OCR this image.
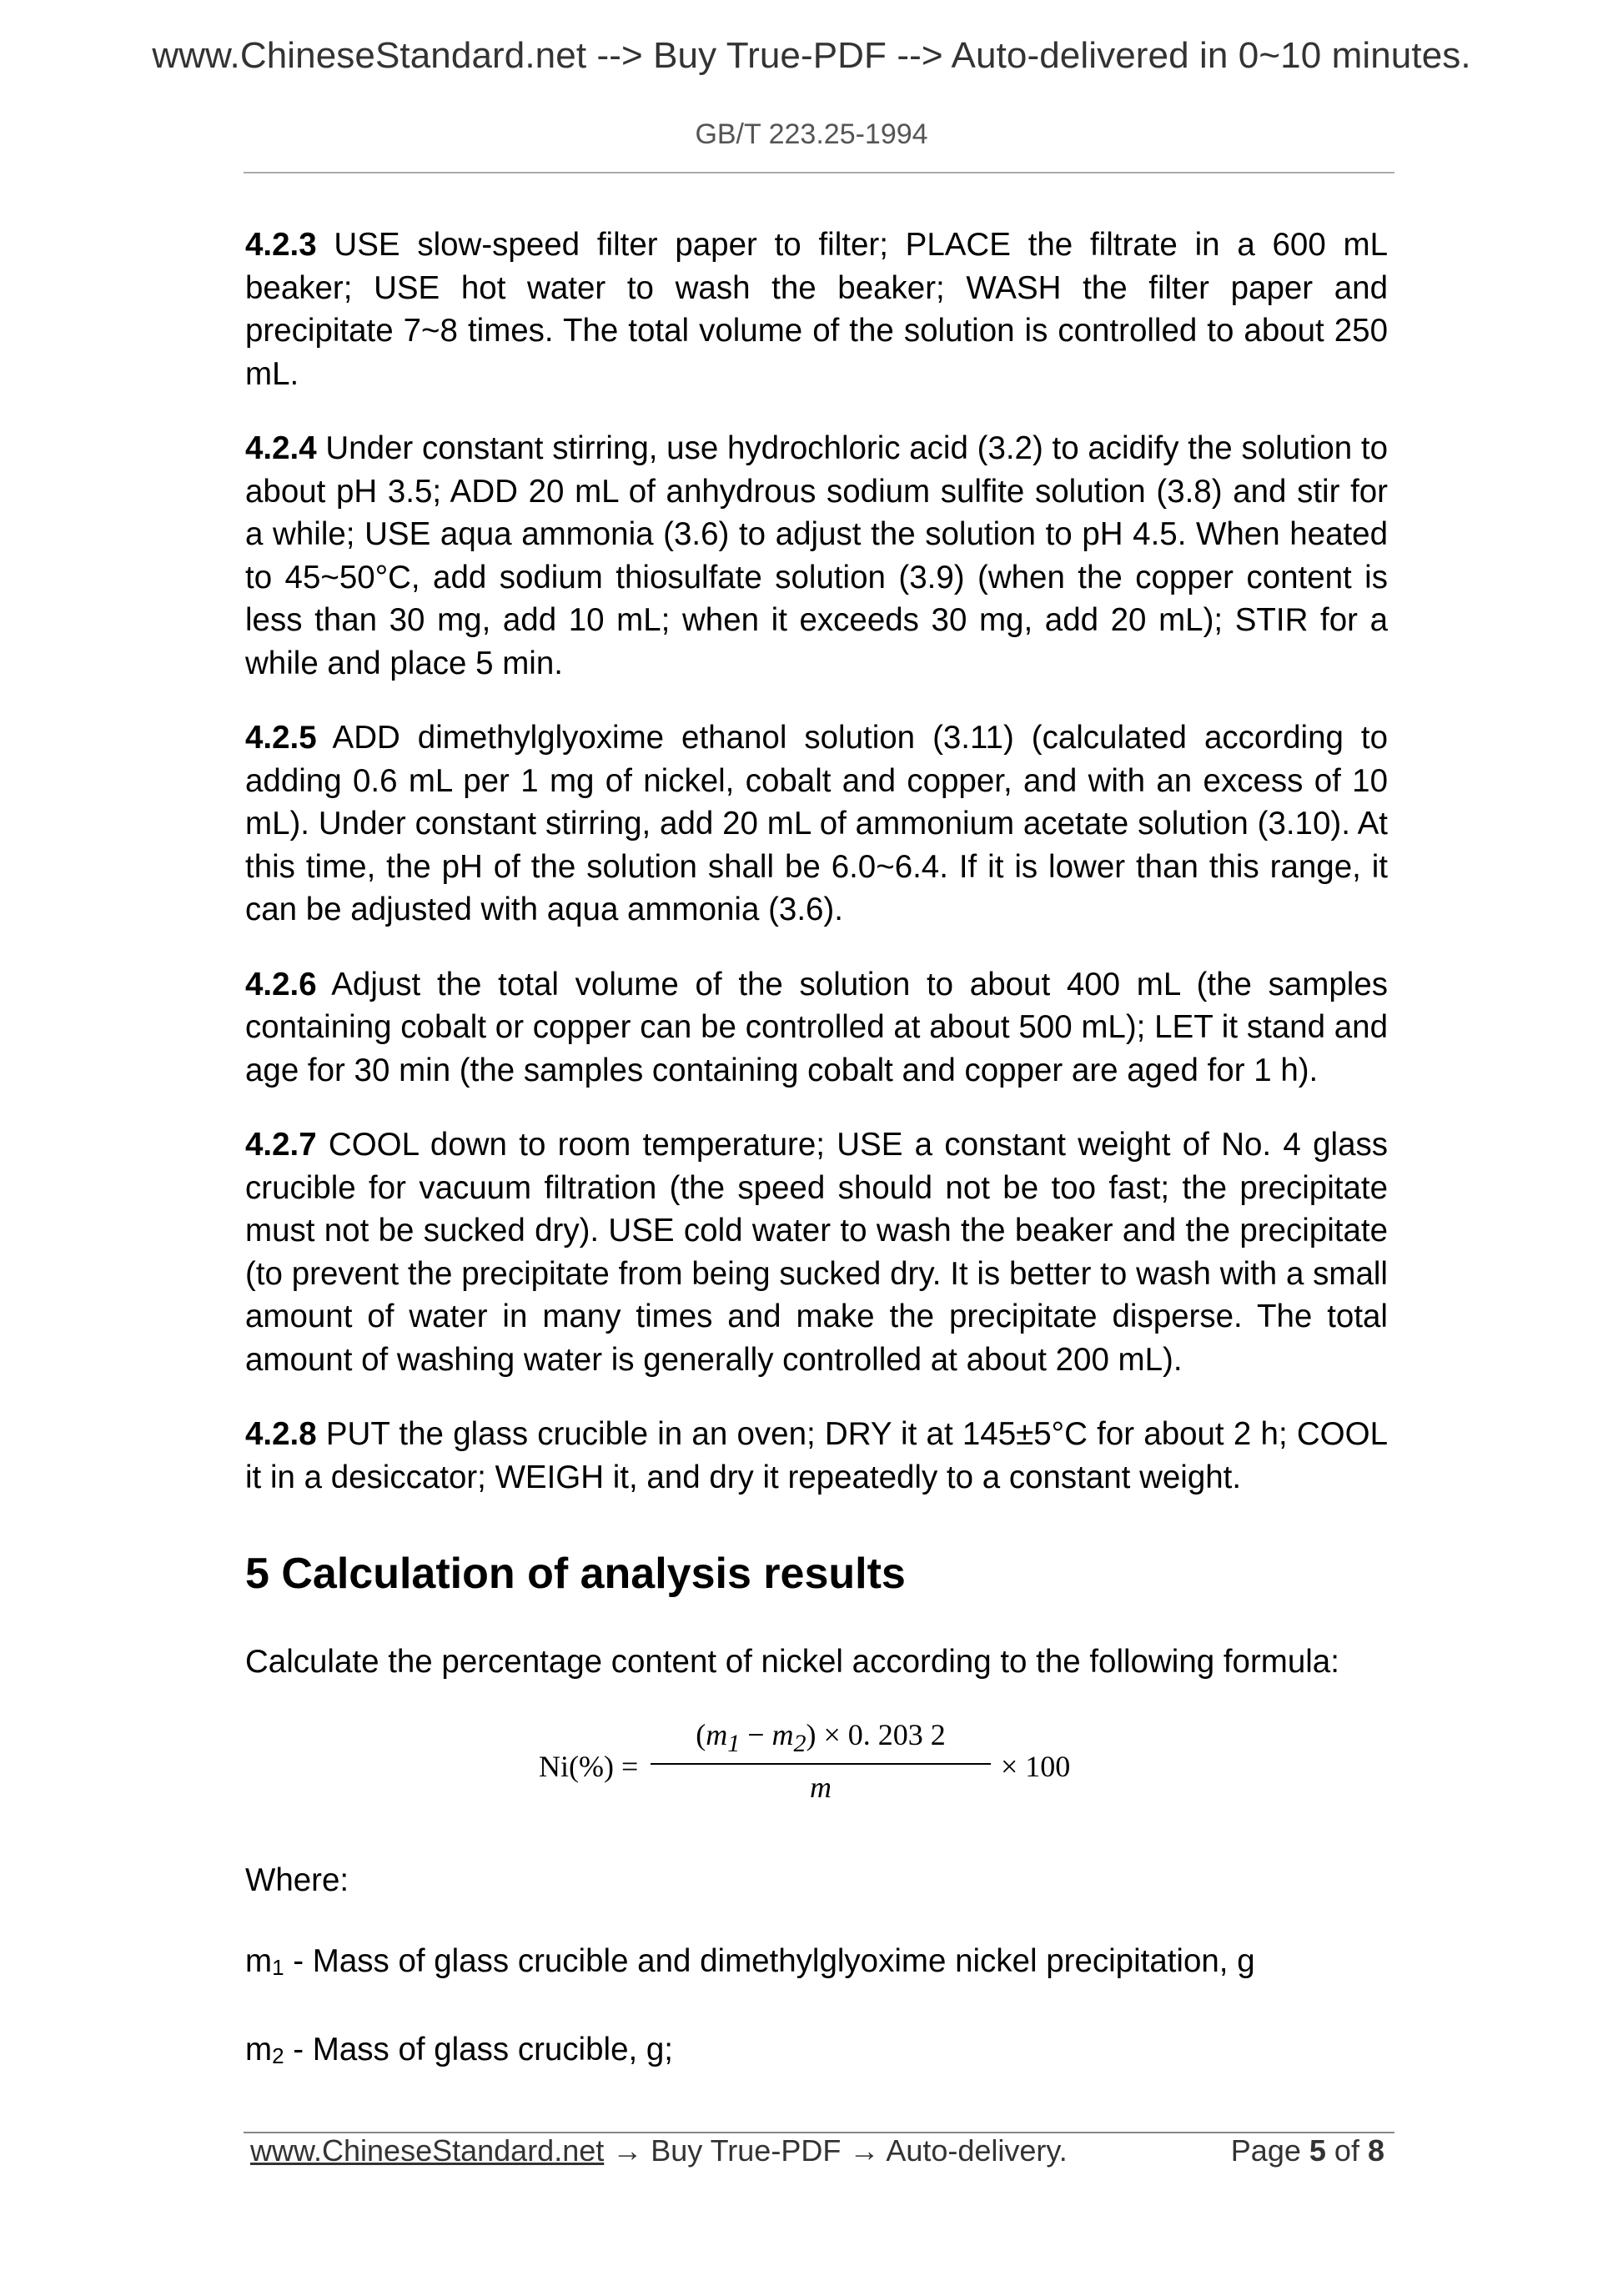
www.ChineseStandard.net --> Buy True-PDF --> Auto-delivered in 0~10 minutes.
GB/T 223.25-1994

4.2.3 USE slow-speed filter paper to filter; PLACE the filtrate in a 600 mL beaker; USE hot water to wash the beaker; WASH the filter paper and precipitate 7~8 times. The total volume of the solution is controlled to about 250 mL.

4.2.4 Under constant stirring, use hydrochloric acid (3.2) to acidify the solution to about pH 3.5; ADD 20 mL of anhydrous sodium sulfite solution (3.8) and stir for a while; USE aqua ammonia (3.6) to adjust the solution to pH 4.5. When heated to 45~50°C, add sodium thiosulfate solution (3.9) (when the copper content is less than 30 mg, add 10 mL; when it exceeds 30 mg, add 20 mL); STIR for a while and place 5 min.

4.2.5 ADD dimethylglyoxime ethanol solution (3.11) (calculated according to adding 0.6 mL per 1 mg of nickel, cobalt and copper, and with an excess of 10 mL). Under constant stirring, add 20 mL of ammonium acetate solution (3.10). At this time, the pH of the solution shall be 6.0~6.4. If it is lower than this range, it can be adjusted with aqua ammonia (3.6).

4.2.6 Adjust the total volume of the solution to about 400 mL (the samples containing cobalt or copper can be controlled at about 500 mL); LET it stand and age for 30 min (the samples containing cobalt and copper are aged for 1 h).

4.2.7 COOL down to room temperature; USE a constant weight of No. 4 glass crucible for vacuum filtration (the speed should not be too fast; the precipitate must not be sucked dry). USE cold water to wash the beaker and the precipitate (to prevent the precipitate from being sucked dry. It is better to wash with a small amount of water in many times and make the precipitate disperse. The total amount of washing water is generally controlled at about 200 mL).

4.2.8 PUT the glass crucible in an oven; DRY it at 145±5°C for about 2 h; COOL it in a desiccator; WEIGH it, and dry it repeatedly to a constant weight.

5 Calculation of analysis results

Calculate the percentage content of nickel according to the following formula:

$Ni(\%) = \frac{(m_1 - m_2) \times 0. 203 2}{m} \times 100$

Where:

$m_1$ - Mass of glass crucible and dimethylglyoxime nickel precipitation, g

$m_2$ - Mass of glass crucible, g;

www.ChineseStandard.net → Buy True-PDF → Auto-delivery.	Page 5 of 8
